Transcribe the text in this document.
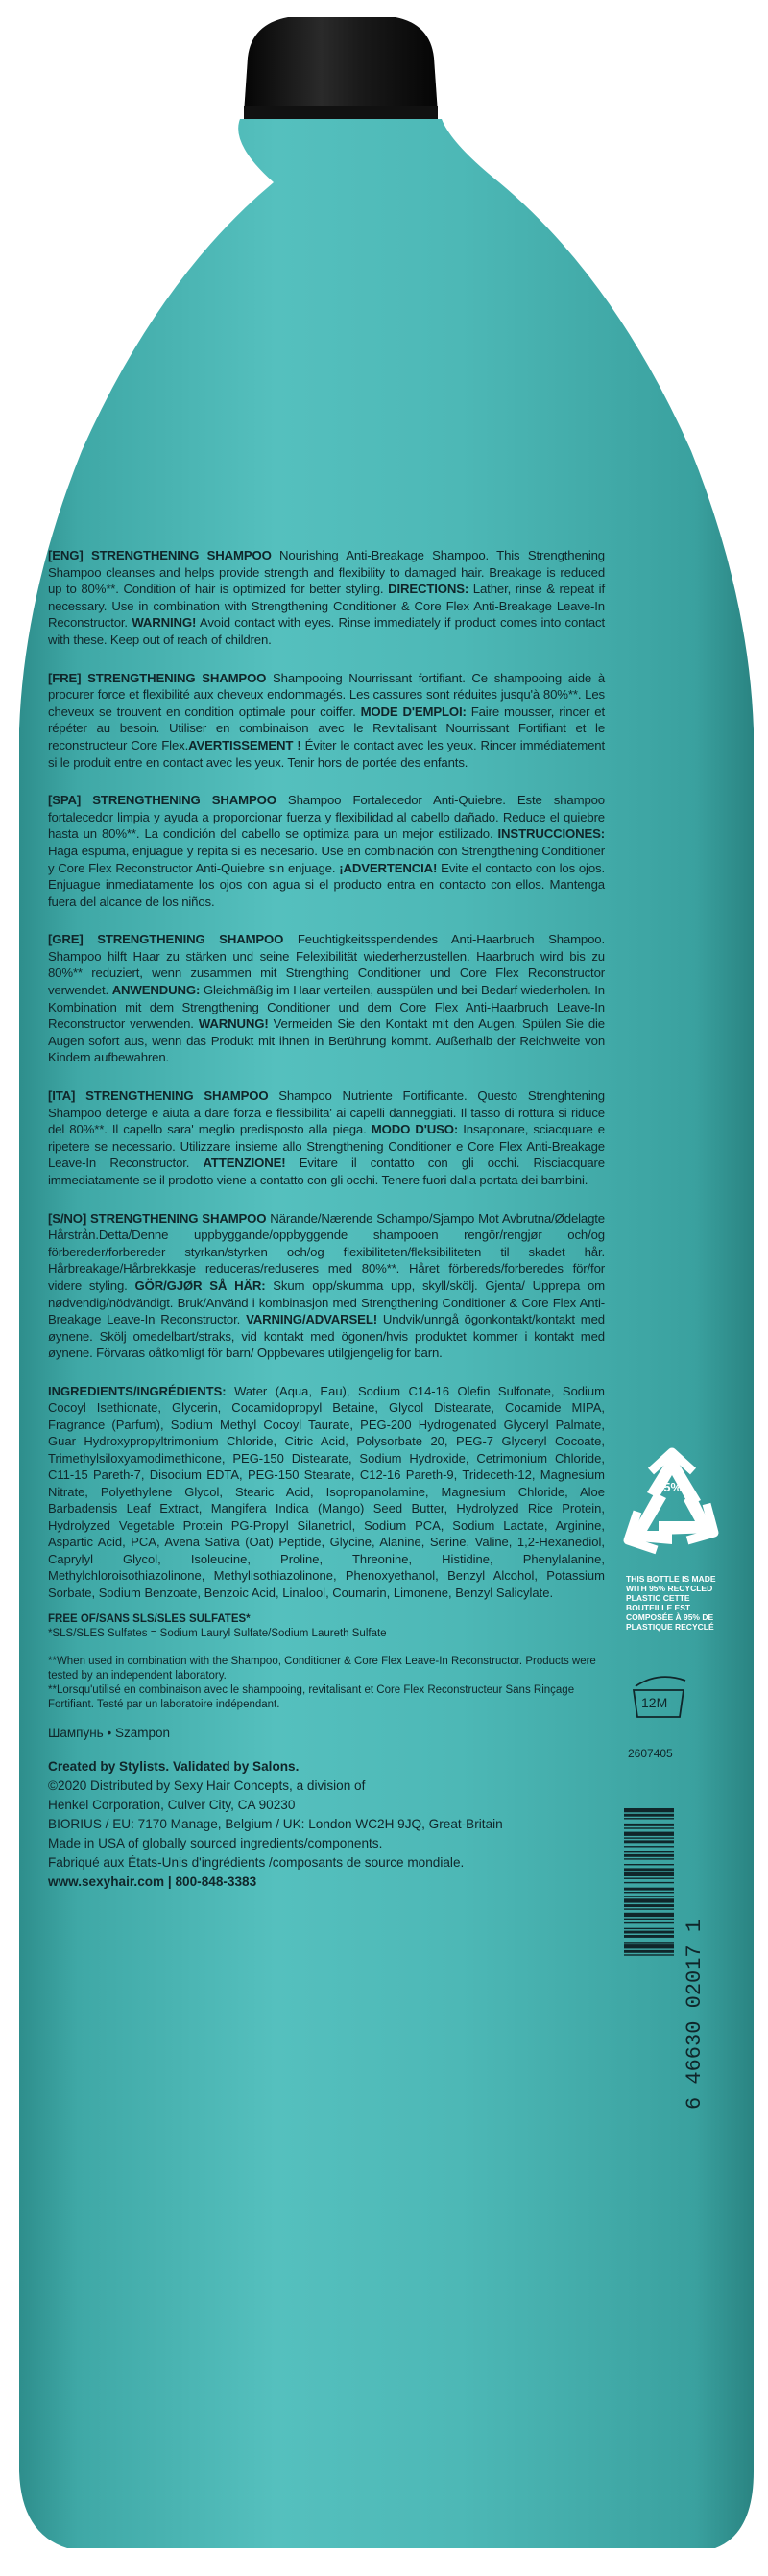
[ENG] STRENGTHENING SHAMPOO Nourishing Anti-Breakage Shampoo. This Strengthening Shampoo cleanses and helps provide strength and flexibility to damaged hair. Breakage is reduced up to 80%**. Condition of hair is optimized for better styling. DIRECTIONS: Lather, rinse & repeat if necessary. Use in combination with Strengthening Conditioner & Core Flex Anti-Breakage Leave-In Reconstructor. WARNING! Avoid contact with eyes. Rinse immediately if product comes into contact with these. Keep out of reach of children.

[FRE] STRENGTHENING SHAMPOO Shampooing Nourrissant fortifiant. Ce shampooing aide à procurer force et flexibilité aux cheveux endommagés. Les cassures sont réduites jusqu'à 80%**. Les cheveux se trouvent en condition optimale pour coiffer. MODE D'EMPLOI: Faire mousser, rincer et répéter au besoin. Utiliser en combinaison avec le Revitalisant Nourrissant Fortifiant et le reconstructeur Core Flex.AVERTISSEMENT ! Éviter le contact avec les yeux. Rincer immédiatement si le produit entre en contact avec les yeux. Tenir hors de portée des enfants.

[SPA] STRENGTHENING SHAMPOO Shampoo Fortalecedor Anti-Quiebre. Este shampoo fortalecedor limpia y ayuda a proporcionar fuerza y flexibilidad al cabello dañado. Reduce el quiebre hasta un 80%**. La condición del cabello se optimiza para un mejor estilizado. INSTRUCCIONES: Haga espuma, enjuague y repita si es necesario. Use en combinación con Strengthening Conditioner y Core Flex Reconstructor Anti-Quiebre sin enjuage. ¡ADVERTENCIA! Evite el contacto con los ojos. Enjuague inmediatamente los ojos con agua si el producto entra en contacto con ellos. Mantenga fuera del alcance de los niños.

[GRE] STRENGTHENING SHAMPOO Feuchtigkeitsspendendes Anti-Haarbruch Shampoo. Shampoo hilft Haar zu stärken und seine Felexibilität wiederherzustellen. Haarbruch wird bis zu 80%** reduziert, wenn zusammen mit Strengthing Conditioner und Core Flex Reconstructor verwendet. ANWENDUNG: Gleichmäßig im Haar verteilen, ausspülen und bei Bedarf wiederholen. In Kombination mit dem Strengthening Conditioner und dem Core Flex Anti-Haarbruch Leave-In Reconstructor verwenden. WARNUNG! Vermeiden Sie den Kontakt mit den Augen. Spülen Sie die Augen sofort aus, wenn das Produkt mit ihnen in Berührung kommt. Außerhalb der Reichweite von Kindern aufbewahren.

[ITA] STRENGTHENING SHAMPOO Shampoo Nutriente Fortificante. Questo Strenghtening Shampoo deterge e aiuta a dare forza e flessibilita' ai capelli danneggiati. Il tasso di rottura si riduce del 80%**. Il capello sara' meglio predisposto alla piega. MODO D'USO: Insaponare, sciacquare e ripetere se necessario. Utilizzare insieme allo Strengthening Conditioner e Core Flex Anti-Breakage Leave-In Reconstructor. ATTENZIONE! Evitare il contatto con gli occhi. Risciacquare immediatamente se il prodotto viene a contatto con gli occhi. Tenere fuori dalla portata dei bambini.

[S/NO] STRENGTHENING SHAMPOO Närande/Nærende Schampo/Sjampo Mot Avbrutna/Ødelagte Hårstrån.Detta/Denne uppbyggande/oppbyggende shampooen rengör/rengjør och/og förbereder/forbereder styrkan/styrken och/og flexibiliteten/fleksibiliteten til skadet hår. Hårbreakage/Hårbrekkasje reduceras/reduseres med 80%**. Håret förbereds/forberedes för/for videre styling. GÖR/GJØR SÅ HÄR: Skum opp/skumma upp, skyll/skölj. Gjenta/ Upprepa om nødvendig/nödvändigt. Bruk/Använd i kombinasjon med Strengthening Conditioner & Core Flex Anti-Breakage Leave-In Reconstructor. VARNING/ADVARSEL! Undvik/unngå ögonkontakt/kontakt med øynene. Skölj omedelbart/straks, vid kontakt med ögonen/hvis produktet kommer i kontakt med øynene. Förvaras oåtkomligt för barn/ Oppbevares utilgjengelig for barn.

INGREDIENTS/INGRÉDIENTS: Water (Aqua, Eau), Sodium C14-16 Olefin Sulfonate, Sodium Cocoyl Isethionate, Glycerin, Cocamidopropyl Betaine, Glycol Distearate, Cocamide MIPA, Fragrance (Parfum), Sodium Methyl Cocoyl Taurate, PEG-200 Hydrogenated Glyceryl Palmate, Guar Hydroxypropyltrimonium Chloride, Citric Acid, Polysorbate 20, PEG-7 Glyceryl Cocoate, Trimethylsiloxyamodimethicone, PEG-150 Distearate, Sodium Hydroxide, Cetrimonium Chloride, C11-15 Pareth-7, Disodium EDTA, PEG-150 Stearate, C12-16 Pareth-9, Trideceth-12, Magnesium Nitrate, Polyethylene Glycol, Stearic Acid, Isopropanolamine, Magnesium Chloride, Aloe Barbadensis Leaf Extract, Mangifera Indica (Mango) Seed Butter, Hydrolyzed Rice Protein, Hydrolyzed Vegetable Protein PG-Propyl Silanetriol, Sodium PCA, Sodium Lactate, Arginine, Aspartic Acid, PCA, Avena Sativa (Oat) Peptide, Glycine, Alanine, Serine, Valine, 1,2-Hexanediol, Caprylyl Glycol, Isoleucine, Proline, Threonine, Histidine, Phenylalanine, Methylchloroisothiazolinone, Methylisothiazolinone, Phenoxyethanol, Benzyl Alcohol, Potassium Sorbate, Sodium Benzoate, Benzoic Acid, Linalool, Coumarin, Limonene, Benzyl Salicylate.

FREE OF/SANS SLS/SLES SULFATES*
*SLS/SLES Sulfates = Sodium Lauryl Sulfate/Sodium Laureth Sulfate

**When used in combination with the Shampoo, Conditioner & Core Flex Leave-In Reconstructor. Products were tested by an independent laboratory.
**Lorsqu'utilisé en combinaison avec le shampooing, revitalisant et Core Flex Reconstructeur Sans Rinçage Fortifiant. Testé par un laboratoire indépendant.

Шампунь • Szampon

Created by Stylists. Validated by Salons.
©2020 Distributed by Sexy Hair Concepts, a division of
Henkel Corporation, Culver City, CA 90230
BIORIUS / EU: 7170 Manage, Belgium / UK: London WC2H 9JQ, Great-Britain
Made in USA of globally sourced ingredients/components.
Fabriqué aux États-Unis d'ingrédients /composants de source mondiale.
www.sexyhair.com | 800-848-3383
95%
THIS BOTTLE IS MADE WITH 95% RECYCLED PLASTIC CETTE BOUTEILLE EST COMPOSÉE À 95% DE PLASTIQUE RECYCLÉ
12M
2607405
6 46630 02017 1
